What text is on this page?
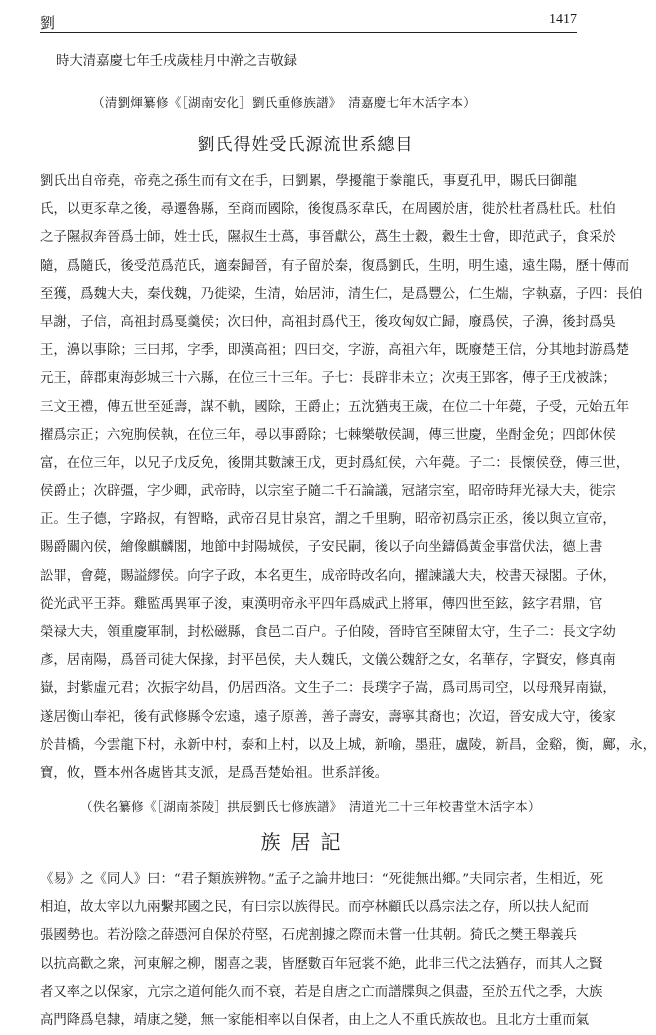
劉	1417
時大清嘉慶七年壬戌歲桂月中澣之吉敬録
（清劉煇纂修《［湖南安化］劉氏重修族譜》　清嘉慶七年木活字本）
劉氏得姓受氏源流世系總目
劉氏出自帝堯，帝堯之孫生而有文在手，曰劉累，學擾龍于豢龍氏，事夏孔甲，賜氏曰御龍
氏，以更豕韋之後，尋遷魯縣，至商而國除，後復爲豕韋氏，在周國於唐，徙於杜者爲杜氏。杜伯
之子隰叔奔晉爲士師，姓士氏，隰叔生士蔿，事晉獻公，蔿生士縠，縠生士會，即范武子，食采於
隨，爲隨氏，後受范爲范氏，適秦歸晉，有子留於秦，復爲劉氏，生明，明生遠，遠生陽，歷十傳而
至獲，爲魏大夫，秦伐魏，乃徙梁，生清，始居沛，清生仁，是爲豐公，仁生煓，字執嘉，子四：長伯
早謝，子信，高祖封爲戛羹侯；次曰仲，高祖封爲代王，後攻匈奴亡歸，廢爲侯，子濞，後封爲吳
王，濞以事除；三曰邦，字季，即漢高祖；四曰交，字游，高祖六年，既廢楚王信，分其地封游爲楚
元王，薛郡東海彭城三十六縣，在位三十三年。子七：長辟非未立；次夷王郢客，傳子王戊被誅；
三文王禮，傳五世至延壽，謀不軌，國除，王爵止；五沈猶夷王歲，在位二十年薨，子受，元始五年
擢爲宗正；六宛朐侯執，在位三年，尋以事爵除；七棘樂敬侯調，傳三世慶，坐酎金免；四郎休侯
富，在位三年，以兄子戊反免，後開其數諫王戊，更封爲紅侯，六年薨。子二：長懷侯登，傳三世，
侯爵止；次辟彊，字少卿，武帝時，以宗室子隨二千石論議，冠諸宗室，昭帝時拜光禄大夫，徙宗
正。生子德，字路叔，有智略，武帝召見甘泉宮，謂之千里駒，昭帝初爲宗正丞，後以與立宣帝，
賜爵關內侯，繪像麒麟閣，地節中封陽城侯，子安民嗣，後以子向坐鑄僞黃金事當伏法，德上書
訟罪，會薨，賜謚繆侯。向字子政，本名更生，成帝時改名向，擢諫議大夫，校書天禄閣。子休，
從光武平王莽。雞監禹異軍子浚，東漢明帝永平四年爲威武上將軍，傳四世至鉉，鉉字君鼎，官
榮禄大夫，領重慶軍制，封松磁縣，食邑二百户。子伯陵，晉時官至陳留太守，生子二：長文字幼
彥，居南陽，爲晉司徒大保掾，封平邑侯，夫人魏氏，文儀公魏舒之女，名華存，字賢安，修真南
嶽，封紫虛元君；次振字幼昌，仍居西洛。文生子二：長璞字子嵩，爲司馬司空，以母飛昇南嶽，
遂居衡山奉祀，後有武修縣令宏遠，遠子原善，善子壽安，壽寧其裔也；次迢，晉安成大守，後家
於昔橋，今雲龍下村，永新中村，泰和上村，以及上城，新喻，墨莊，盧陵，新昌，金谿，衡，鄺，永，
寶，攸，暨本州各處皆其支派，是爲吾楚始祖。世系詳後。
（佚名纂修《［湖南茶陵］拱辰劉氏七修族譜》　清道光二十三年校書堂木活字本）
族居記
《易》之《同人》曰：“君子類族辨物。”孟子之論井地曰：“死徙無出鄉。”夫同宗者，生相近，死
相迫，故太宰以九兩繫邦國之民，有曰宗以族得民。而亭林顧氏以爲宗法之存，所以扶人紀而
張國勢也。若汾陰之薛憑河自保於苻堅，石虎割據之際而未嘗一仕其朝。猗氏之樊王舉義兵
以抗高歡之衆，河東解之柳，閣喜之裴，皆歷數百年冠裳不絶，此非三代之法猶存，而其人之賢
者又率之以保家，亢宗之道何能久而不衰，若是自唐之亡而譜牒與之俱盡，至於五代之季，大族
高門降爲皂隸，靖康之變，無一家能相率以自保者，由上之人不重氏族故也。且北方士重而氣
